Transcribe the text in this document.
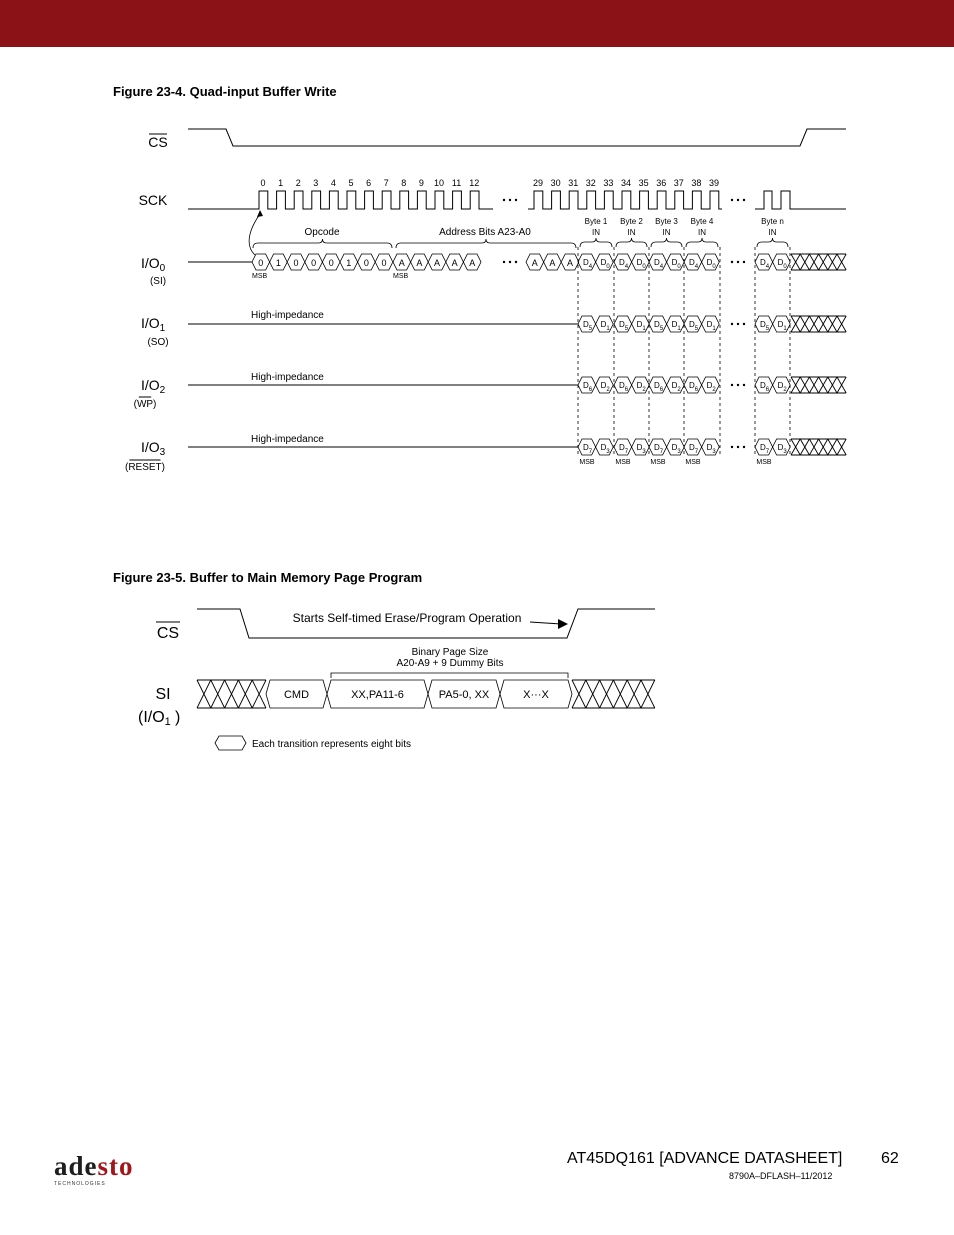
Figure 23-4. Quad-input Buffer Write
Figure 23-5. Buffer to Main Memory Page Program
CS
SCK
0 1 2 3 4 5 6 7 8 9 10 11 12	29 30 31 32 33 34 35 36 37 38 39
Opcode	Address Bits A23-A0
Byte 1
IN
Byte 2
IN
Byte 3
IN
Byte 4
IN
Byte n
IN
$I/O_0$
(SI)
$I/O_1$
(SO)
$I/O_2$
(WP)
$I/O_3$
(RESET)
0 1 0 0 0 1 0 0 A A A A A	A A A
MSB	MSB
High-impedance
High-impedance
High-impedance
$D_4$ $D_0$ $D_4$ $D_0$ $D_4$ $D_0$ $D_4$ $D_0$	$D_4$ $D_0$
$D_5$ $D_1$ $D_5$ $D_1$ $D_5$ $D_1$ $D_5$ $D_1$	$D_5$ $D_1$
$D_6$ $D_2$ $D_6$ $D_2$ $D_6$ $D_2$ $D_6$ $D_2$	$D_6$ $D_2$
$D_7$ $D_3$ $D_7$ $D_3$ $D_7$ $D_3$ $D_7$ $D_3$	$D_7$ $D_3$
MSB	MSB	MSB	MSB	MSB
CS
Starts Self-timed Erase/Program Operation
Binary Page Size
A20-A9 + 9 Dummy Bits
SI
(I/O1 )
CMD	XX,PA11-6	PA5-0, XX	X···X
Each transition represents eight bits
adesto
TECHNOLOGIES
AT45DQ161 [ADVANCE DATASHEET] 62
8790A–DFLASH–11/2012
